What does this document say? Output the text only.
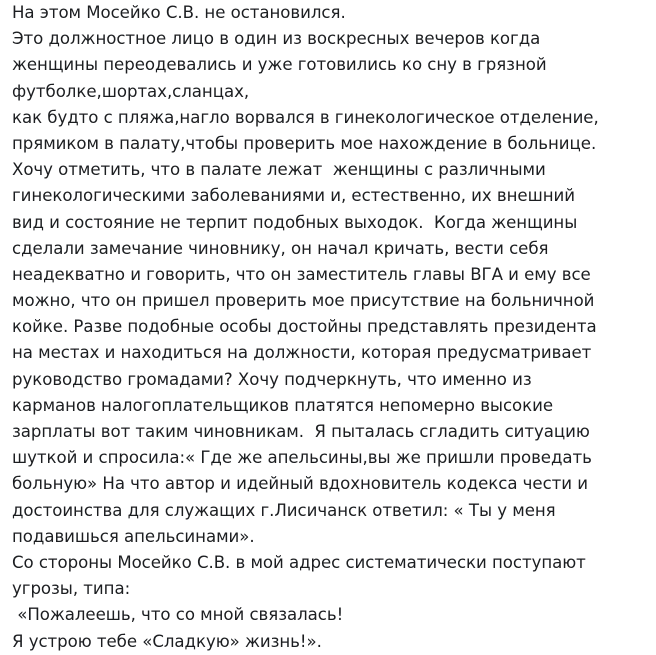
На этом Мосейко С.В. не остановился.
Это должностное лицо в один из воскресных вечеров когда
женщины переодевались и уже готовились ко сну в грязной
футболке,шортах,сланцах,
как будто с пляжа,нагло ворвался в гинекологическое отделение,
прямиком в палату,чтобы проверить мое нахождение в больнице.
Хочу отметить, что в палате лежат  женщины с различными
гинекологическими заболеваниями и, естественно, их внешний
вид и состояние не терпит подобных выходок.  Когда женщины
сделали замечание чиновнику, он начал кричать, вести себя
неадекватно и говорить, что он заместитель главы ВГА и ему все
можно, что он пришел проверить мое присутствие на больничной
койке. Разве подобные особы достойны представлять президента
на местах и находиться на должности, которая предусматривает
руководство громадами? Хочу подчеркнуть, что именно из
карманов налогоплательщиков платятся непомерно высокие
зарплаты вот таким чиновникам.  Я пыталась сгладить ситуацию
шуткой и спросила:« Где же апельсины,вы же пришли проведать
больную» На что автор и идейный вдохновитель кодекса чести и
достоинства для служащих г.Лисичанск ответил: « Ты у меня
подавишься апельсинами».
Со стороны Мосейко С.В. в мой адрес систематически поступают
угрозы, типа:
«Пожалеешь, что со мной связалась!
Я устрою тебе «Сладкую» жизнь!».
